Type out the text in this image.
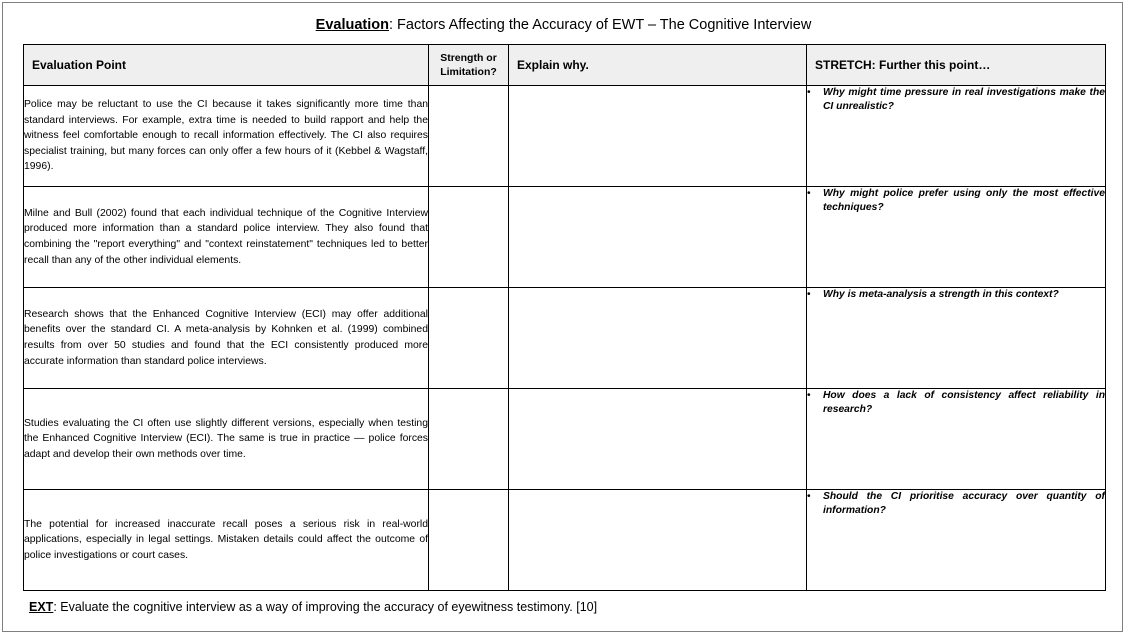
Evaluation: Factors Affecting the Accuracy of EWT – The Cognitive Interview
Evaluation Point	Strength or Limitation?	Explain why.	STRETCH: Further this point…
Police may be reluctant to use the CI because it takes significantly more time than standard interviews. For example, extra time is needed to build rapport and help the witness feel comfortable enough to recall information effectively. The CI also requires specialist training, but many forces can only offer a few hours of it (Kebbel & Wagstaff, 1996).			• Why might time pressure in real investigations make the CI unrealistic?

Milne and Bull (2002) found that each individual technique of the Cognitive Interview produced more information than a standard police interview. They also found that combining the "report everything" and "context reinstatement" techniques led to better recall than any of the other individual elements.			• Why might police prefer using only the most effective techniques?

Research shows that the Enhanced Cognitive Interview (ECI) may offer additional benefits over the standard CI. A meta-analysis by Kohnken et al. (1999) combined results from over 50 studies and found that the ECI consistently produced more accurate information than standard police interviews.			• Why is meta-analysis a strength in this context?

Studies evaluating the CI often use slightly different versions, especially when testing the Enhanced Cognitive Interview (ECI). The same is true in practice — police forces adapt and develop their own methods over time.			• How does a lack of consistency affect reliability in research?

The potential for increased inaccurate recall poses a serious risk in real-world applications, especially in legal settings. Mistaken details could affect the outcome of police investigations or court cases.			• Should the CI prioritise accuracy over quantity of information?
EXT: Evaluate the cognitive interview as a way of improving the accuracy of eyewitness testimony. [10]
